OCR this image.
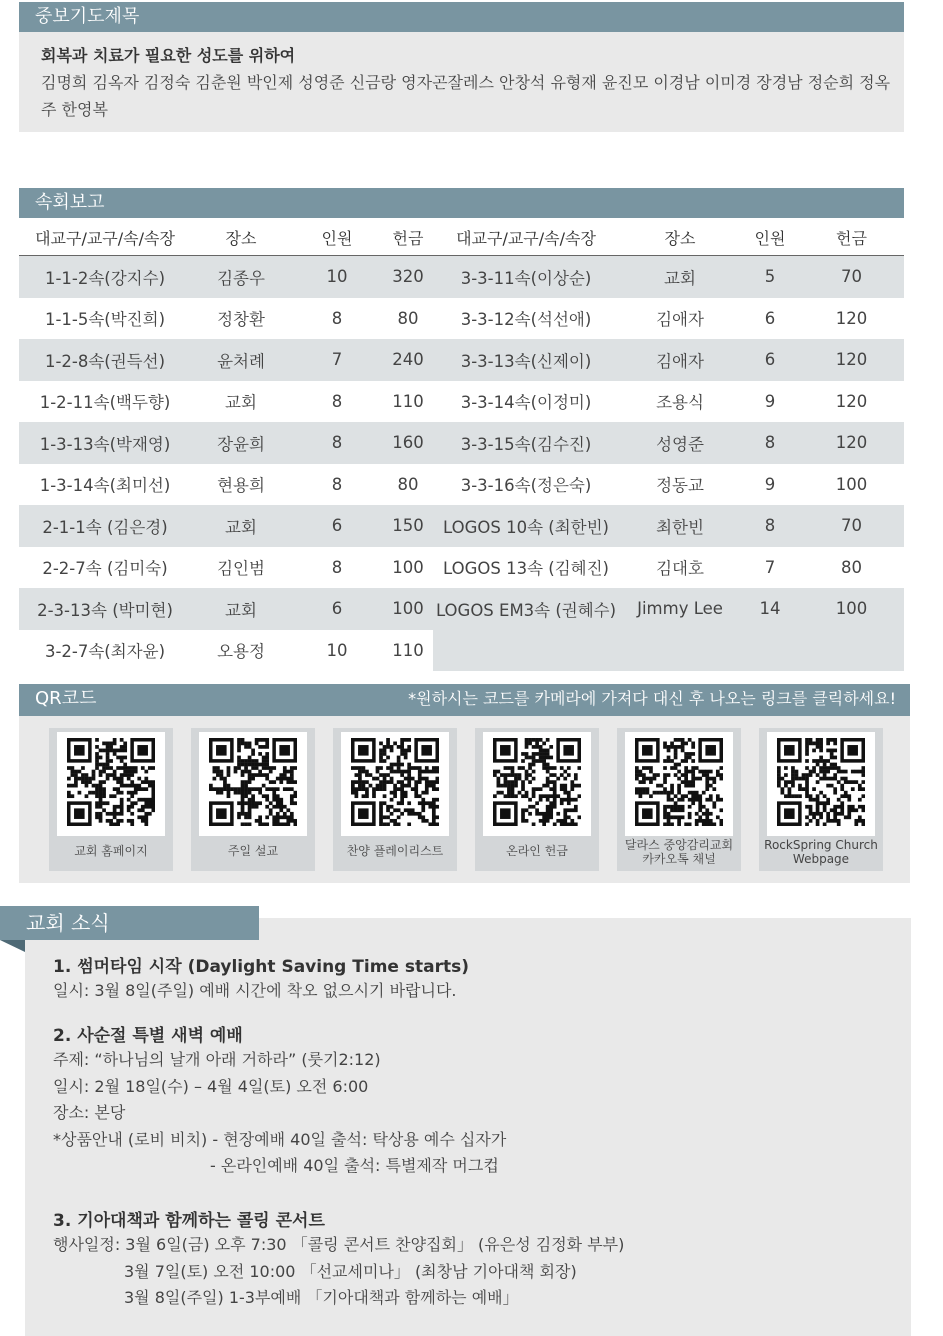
중보기도제목
회복과 치료가 필요한 성도를 위하여
김명희 김옥자 김정숙 김춘원 박인제 성영준 신금랑 영자곤잘레스 안창석 유형재 윤진모 이경남 이미경 장경남 정순희 정옥주 한영복
속회보고
대교구/교구/속/속장	장소	인원	헌금	대교구/교구/속/속장	장소	인원	헌금
1-1-2속(강지수)	김종우	10	320	3-3-11속(이상순)	교회	5	70
1-1-5속(박진희)	정창환	8	80	3-3-12속(석선애)	김애자	6	120
1-2-8속(권득선)	윤처례	7	240	3-3-13속(신제이)	김애자	6	120
1-2-11속(백두향)	교회	8	110	3-3-14속(이정미)	조용식	9	120
1-3-13속(박재영)	장윤희	8	160	3-3-15속(김수진)	성영준	8	120
1-3-14속(최미선)	현용희	8	80	3-3-16속(정은숙)	정동교	9	100
2-1-1속 (김은경)	교회	6	150	LOGOS 10속 (최한빈)	최한빈	8	70
2-2-7속 (김미숙)	김인범	8	100	LOGOS 13속 (김혜진)	김대호	7	80
2-3-13속 (박미현)	교회	6	100	LOGOS EM3속 (권혜수)	Jimmy Lee	14	100
3-2-7속(최자윤)	오용정	10	110				
QR코드	*원하시는 코드를 카메라에 가져다 대신 후 나오는 링크를 클릭하세요!
교회 홈페이지	주일 설교	찬양 플레이리스트	온라인 헌금	달라스 중앙감리교회
카카오톡 채널
RockSpring Church
Webpage
교회 소식
1. 썸머타임 시작 (Daylight Saving Time starts)
일시: 3월 8일(주일) 예배 시간에 착오 없으시기 바랍니다.
2. 사순절 특별 새벽 예배
주제: “하나님의 날개 아래 거하라” (룻기2:12)
일시: 2월 18일(수) – 4월 4일(토) 오전 6:00
장소: 본당
*상품안내 (로비 비치) - 현장예배 40일 출석: 탁상용 예수 십자가
- 온라인예배 40일 출석: 특별제작 머그컵
3. 기아대책과 함께하는 콜링 콘서트
행사일정: 3월 6일(금) 오후 7:30 「콜링 콘서트 찬양집회」 (유은성 김정화 부부)
3월 7일(토) 오전 10:00 「선교세미나」 (최창남 기아대책 회장)
3월 8일(주일) 1-3부예배 「기아대책과 함께하는 예배」
